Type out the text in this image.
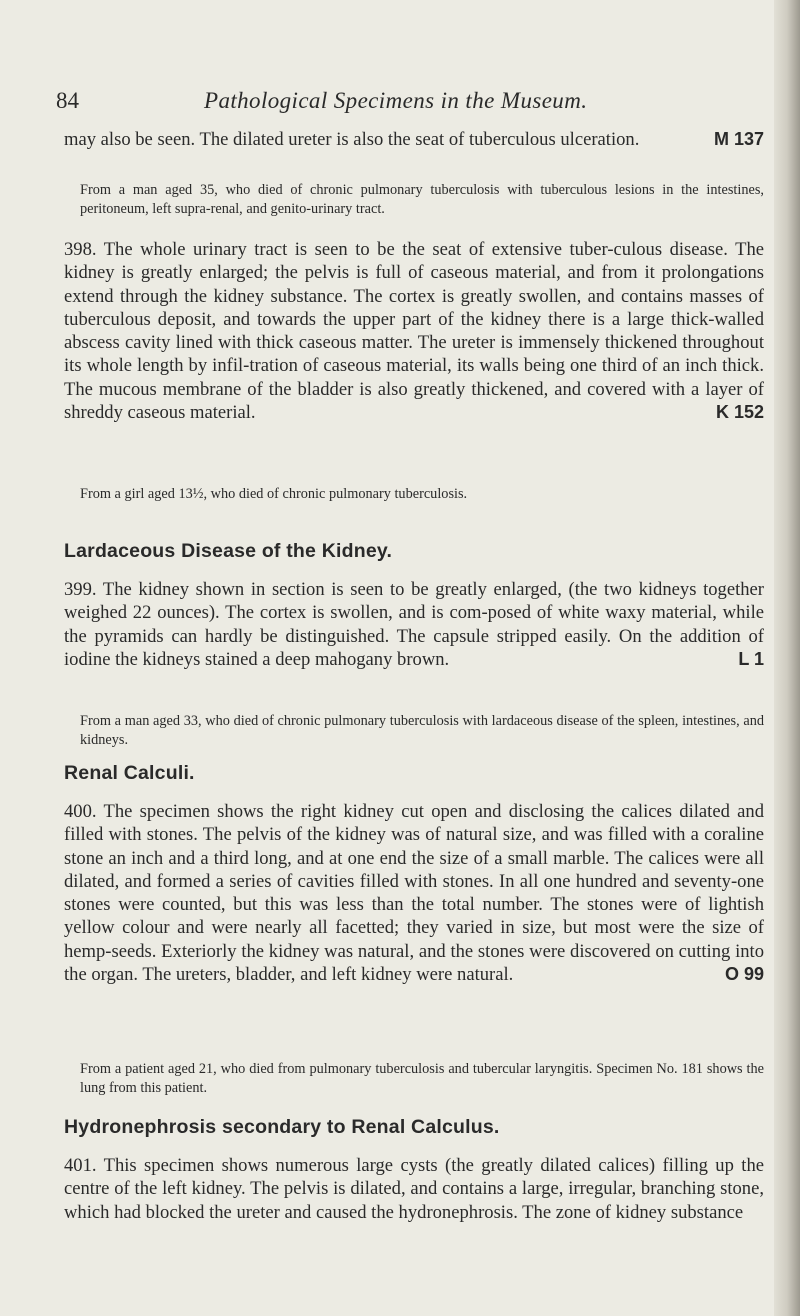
84	Pathological Specimens in the Museum.
may also be seen. The dilated ureter is also the seat of tuberculous ulceration.	M 137
From a man aged 35, who died of chronic pulmonary tuberculosis with tuberculous lesions in the intestines, peritoneum, left supra-renal, and genito-urinary tract.
398. The whole urinary tract is seen to be the seat of extensive tuber-culous disease. The kidney is greatly enlarged; the pelvis is full of caseous material, and from it prolongations extend through the kidney substance. The cortex is greatly swollen, and contains masses of tuberculous deposit, and towards the upper part of the kidney there is a large thick-walled abscess cavity lined with thick caseous matter. The ureter is immensely thickened throughout its whole length by infil-tration of caseous material, its walls being one third of an inch thick. The mucous membrane of the bladder is also greatly thickened, and covered with a layer of shreddy caseous material.	K 152
From a girl aged 13½, who died of chronic pulmonary tuberculosis.
Lardaceous Disease of the Kidney.
399. The kidney shown in section is seen to be greatly enlarged, (the two kidneys together weighed 22 ounces). The cortex is swollen, and is com-posed of white waxy material, while the pyramids can hardly be distinguished. The capsule stripped easily. On the addition of iodine the kidneys stained a deep mahogany brown.	L 1
From a man aged 33, who died of chronic pulmonary tuberculosis with lardaceous disease of the spleen, intestines, and kidneys.
Renal Calculi.
400. The specimen shows the right kidney cut open and disclosing the calices dilated and filled with stones. The pelvis of the kidney was of natural size, and was filled with a coraline stone an inch and a third long, and at one end the size of a small marble. The calices were all dilated, and formed a series of cavities filled with stones. In all one hundred and seventy-one stones were counted, but this was less than the total number. The stones were of lightish yellow colour and were nearly all facetted; they varied in size, but most were the size of hemp-seeds. Exteriorly the kidney was natural, and the stones were discovered on cutting into the organ. The ureters, bladder, and left kidney were natural.	O 99
From a patient aged 21, who died from pulmonary tuberculosis and tubercular laryngitis. Specimen No. 181 shows the lung from this patient.
Hydronephrosis secondary to Renal Calculus.
401. This specimen shows numerous large cysts (the greatly dilated calices) filling up the centre of the left kidney. The pelvis is dilated, and contains a large, irregular, branching stone, which had blocked the ureter and caused the hydronephrosis. The zone of kidney substance
